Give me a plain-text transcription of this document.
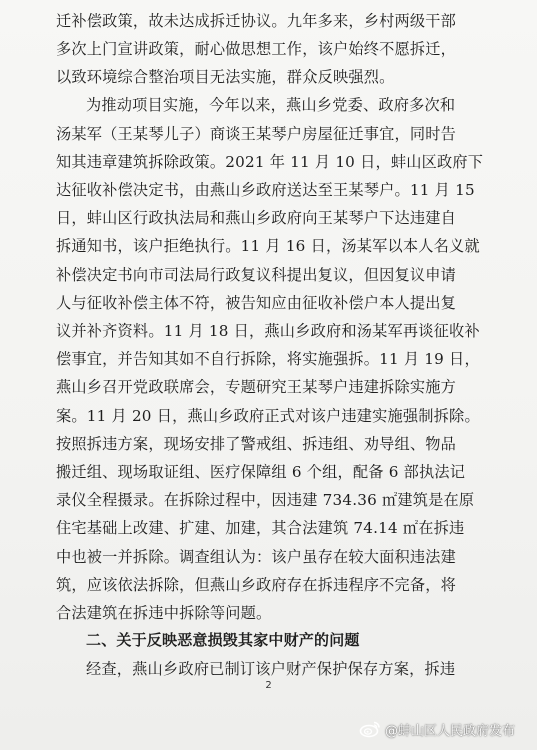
迁补偿政策，故未达成拆迁协议。九年多来，乡村两级干部
多次上门宣讲政策，耐心做思想工作，该户始终不愿拆迁，
以致环境综合整治项目无法实施，群众反映强烈。
为推动项目实施，今年以来，燕山乡党委、政府多次和
汤某军（王某琴儿子）商谈王某琴户房屋征迁事宜，同时告
知其违章建筑拆除政策。2021 年 11 月 10 日，蚌山区政府下
达征收补偿决定书，由燕山乡政府送达至王某琴户。11 月 15
日，蚌山区行政执法局和燕山乡政府向王某琴户下达违建自
拆通知书，该户拒绝执行。11 月 16 日，汤某军以本人名义就
补偿决定书向市司法局行政复议科提出复议，但因复议申请
人与征收补偿主体不符，被告知应由征收补偿户本人提出复
议并补齐资料。11 月 18 日，燕山乡政府和汤某军再谈征收补
偿事宜，并告知其如不自行拆除，将实施强拆。11 月 19 日，
燕山乡召开党政联席会，专题研究王某琴户违建拆除实施方
案。11 月 20 日，燕山乡政府正式对该户违建实施强制拆除。
按照拆违方案，现场安排了警戒组、拆违组、劝导组、物品
搬迁组、现场取证组、医疗保障组 6 个组，配备 6 部执法记
录仪全程摄录。在拆除过程中，因违建 734.36 ㎡建筑是在原
住宅基础上改建、扩建、加建，其合法建筑 74.14 ㎡在拆违
中也被一并拆除。调查组认为：该户虽存在较大面积违法建
筑，应该依法拆除，但燕山乡政府存在拆违程序不完备，将
合法建筑在拆违中拆除等问题。
二、关于反映恶意损毁其家中财产的问题
经查，燕山乡政府已制订该户财产保护保存方案，拆违
2
@蚌山区人民政府发布
